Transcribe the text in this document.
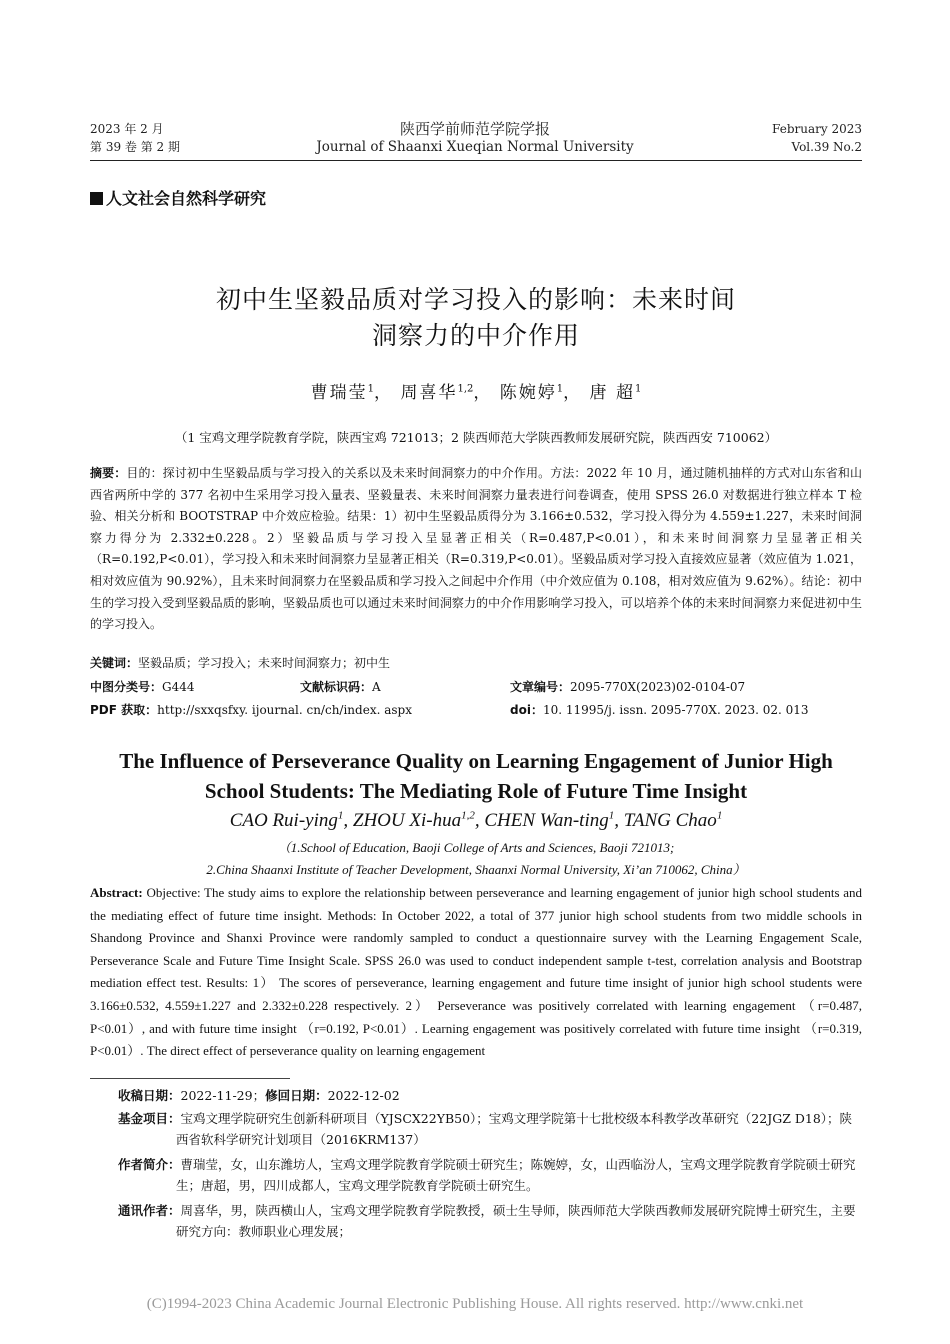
2023 年 2 月
第 39 卷 第 2 期
陕西学前师范学院学报
Journal of Shaanxi Xueqian Normal University
February 2023
Vol.39 No.2
人文社会自然科学研究
初中生坚毅品质对学习投入的影响：未来时间
洞察力的中介作用
曹瑞莹$^1$， 周喜华$^{1,2}$， 陈婉婷$^1$， 唐 超$^1$
（1 宝鸡文理学院教育学院，陕西宝鸡 721013；2 陕西师范大学陕西教师发展研究院，陕西西安 710062）

摘要：目的：探讨初中生坚毅品质与学习投入的关系以及未来时间洞察力的中介作用。方法：2022 年 10 月，通过随机抽样的方式对山东省和山西省两所中学的 377 名初中生采用学习投入量表、坚毅量表、未来时间洞察力量表进行问卷调查，使用 SPSS 26.0 对数据进行独立样本 T 检验、相关分析和 BOOTSTRAP 中介效应检验。结果：1）初中生坚毅品质得分为 3.166±0.532，学习投入得分为 4.559±1.227，未来时间洞察力得分为 2.332±0.228。2）坚毅品质与学习投入呈显著正相关（R=0.487,P<0.01），和未来时间洞察力呈显著正相关（R=0.192,P<0.01），学习投入和未来时间洞察力呈显著正相关（R=0.319,P<0.01）。坚毅品质对学习投入直接效应显著（效应值为 1.021，相对效应值为 90.92%），且未来时间洞察力在坚毅品质和学习投入之间起中介作用（中介效应值为 0.108，相对效应值为 9.62%）。结论：初中生的学习投入受到坚毅品质的影响，坚毅品质也可以通过未来时间洞察力的中介作用影响学习投入，可以培养个体的未来时间洞察力来促进初中生的学习投入。

关键词：坚毅品质；学习投入；未来时间洞察力；初中生
中图分类号：G444	文献标识码：A	文章编号：2095-770X(2023)02-0104-07
PDF 获取：http://sxxqsfxy. ijournal. cn/ch/index. aspx	doi：10. 11995/j. issn. 2095-770X. 2023. 02. 013
The Influence of Perseverance Quality on Learning Engagement of Junior High
School Students: The Mediating Role of Future Time Insight
CAO Rui-ying$^1$, ZHOU Xi-hua$^{1,2}$, CHEN Wan-ting$^1$, TANG Chao$^1$
（1.School of Education, Baoji College of Arts and Sciences, Baoji 721013;
2.China Shaanxi Institute of Teacher Development, Shaanxi Normal University, Xi’an 710062, China）

Abstract: Objective: The study aims to explore the relationship between perseverance and learning engagement of junior high school students and the mediating effect of future time insight. Methods: In October 2022, a total of 377 junior high school students from two middle schools in Shandong Province and Shanxi Province were randomly sampled to conduct a questionnaire survey with the Learning Engagement Scale, Perseverance Scale and Future Time Insight Scale. SPSS 26.0 was used to conduct independent sample t-test, correlation analysis and Bootstrap mediation effect test. Results: 1） The scores of perseverance, learning engagement and future time insight of junior high school students were 3.166±0.532, 4.559±1.227 and 2.332±0.228 respectively. 2） Perseverance was positively correlated with learning engagement （r=0.487, P<0.01）, and with future time insight （r=0.192, P<0.01）. Learning engagement was positively correlated with future time insight （r=0.319, P<0.01）. The direct effect of perseverance quality on learning engagement

收稿日期：2022-11-29；修回日期：2022-12-02

基金项目：宝鸡文理学院研究生创新科研项目（YJSCX22YB50）；宝鸡文理学院第十七批校级本科教学改革研究（22JGZ D18）；陕西省软科学研究计划项目（2016KRM137）

作者简介：曹瑞莹，女，山东潍坊人，宝鸡文理学院教育学院硕士研究生；陈婉婷，女，山西临汾人，宝鸡文理学院教育学院硕士研究生；唐超，男，四川成都人，宝鸡文理学院教育学院硕士研究生。

通讯作者：周喜华，男，陕西横山人，宝鸡文理学院教育学院教授，硕士生导师，陕西师范大学陕西教师发展研究院博士研究生，主要研究方向：教师职业心理发展；

(C)1994-2023 China Academic Journal Electronic Publishing House. All rights reserved. http://www.cnki.net
